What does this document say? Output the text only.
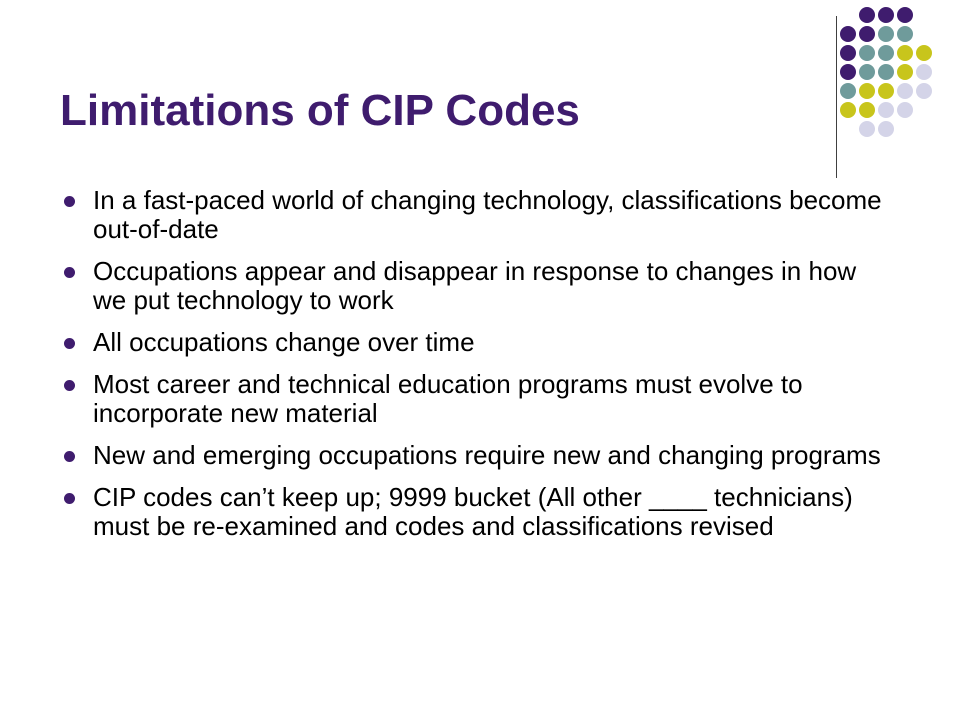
Limitations of CIP Codes
In a fast-paced world of changing technology, classifications become out-of-date
Occupations appear and disappear in response to changes in how we put technology to work
All occupations change over time
Most career and technical education programs must evolve to incorporate new material
New and emerging occupations require new and changing programs
CIP codes can’t keep up; 9999 bucket (All other ____ technicians) must be re-examined and codes and classifications revised
